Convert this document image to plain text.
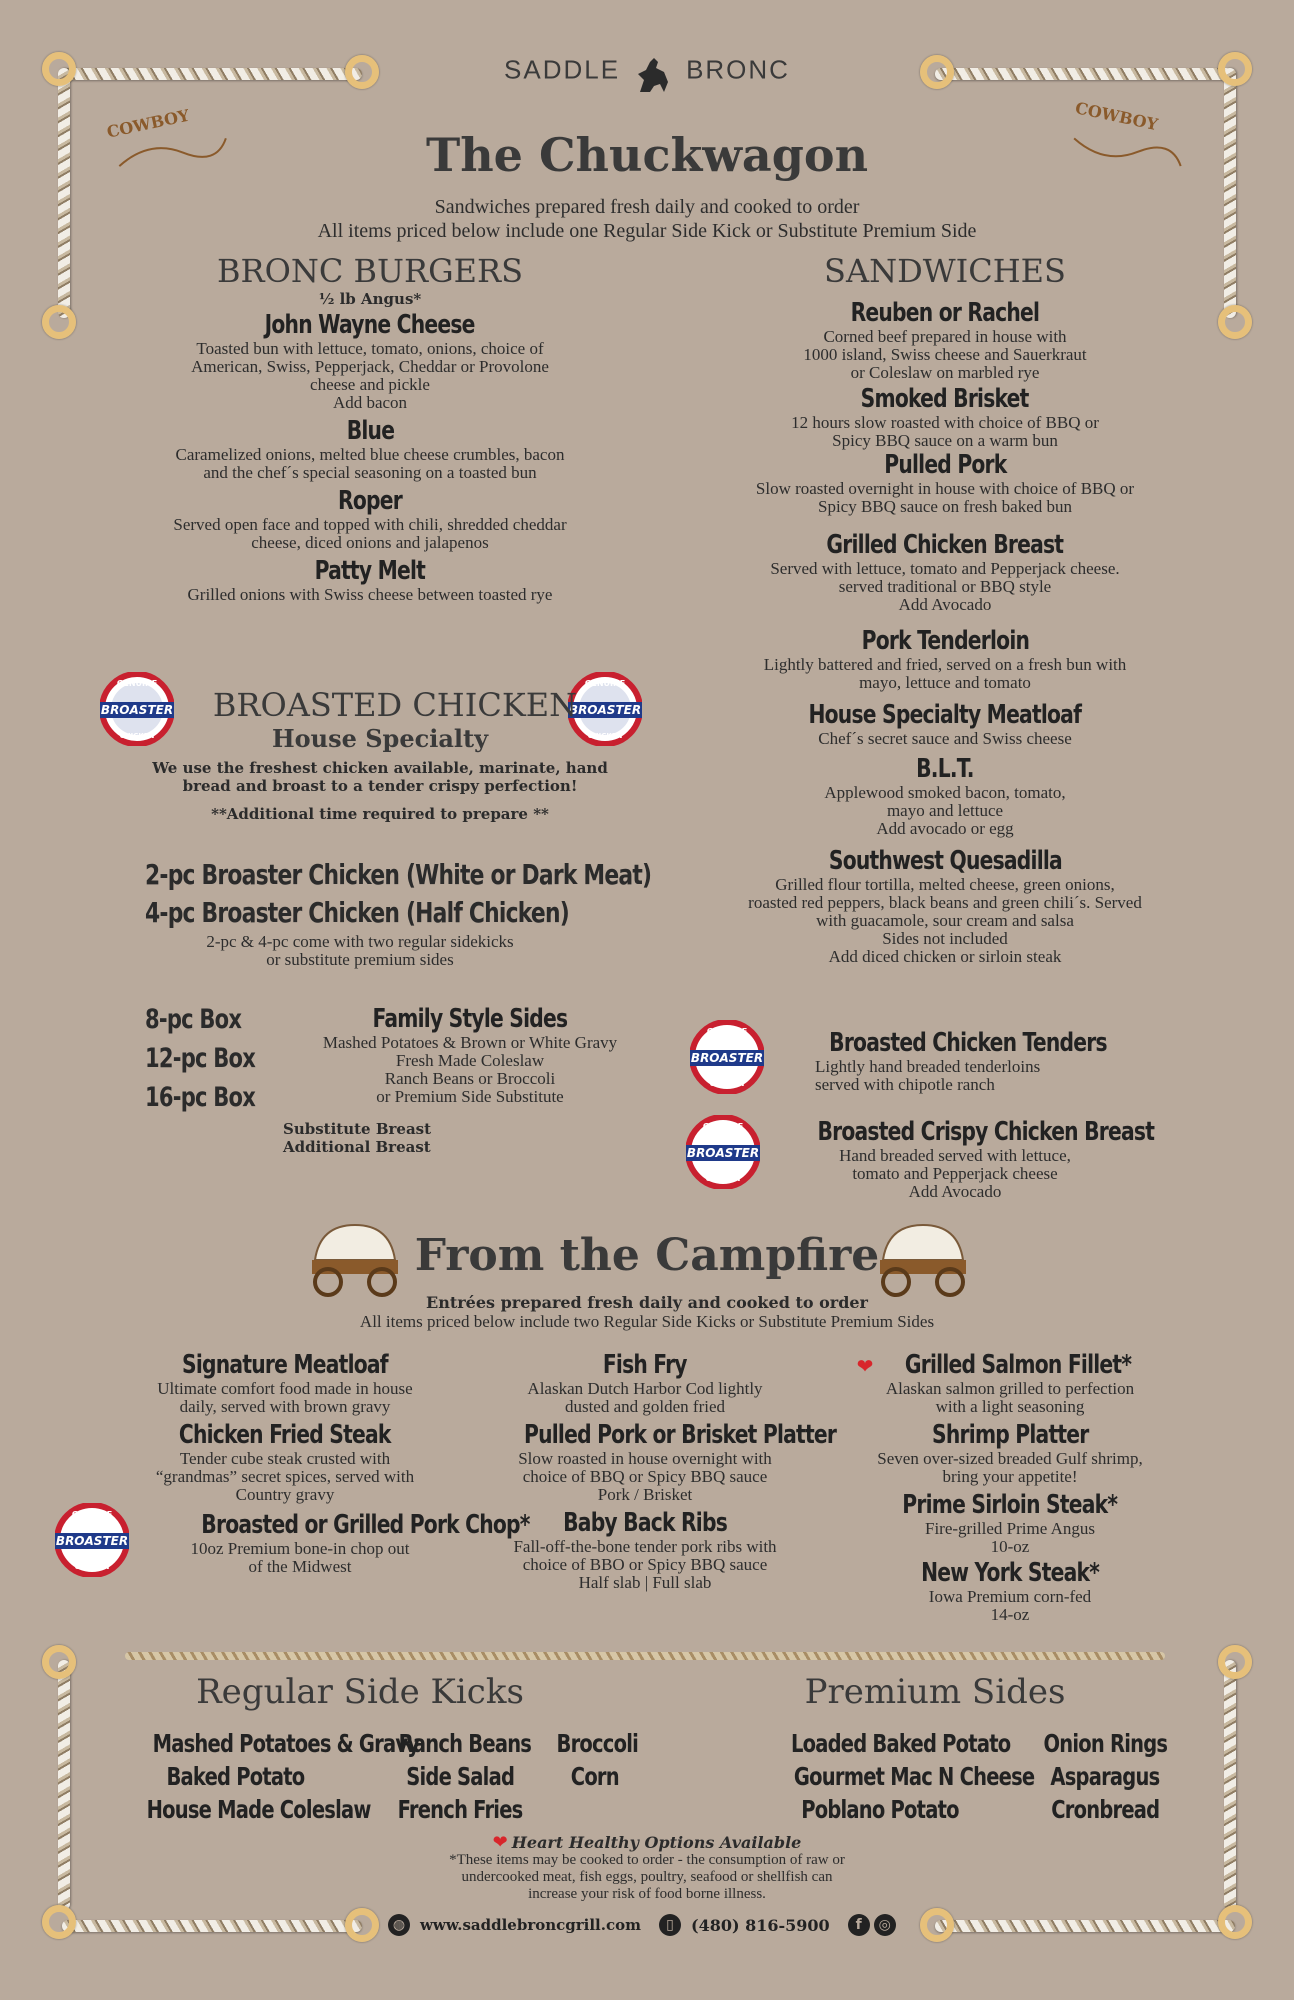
COWBOY	COWBOY
SADDLE	BRONC
The Chuckwagon
Sandwiches prepared fresh daily and cooked to order
All items priced below include one Regular Side Kick or Substitute Premium Side
BRONC BURGERS
½ lb Angus*
John Wayne Cheese
Toasted bun with lettuce, tomato, onions, choice of
American, Swiss, Pepperjack, Cheddar or Provolone
cheese and pickle
Add bacon
Blue
Caramelized onions, melted blue cheese crumbles, bacon
and the chef´s special seasoning on a toasted bun
Roper
Served open face and topped with chili, shredded cheddar
cheese, diced onions and jalapenos
Patty Melt
Grilled onions with Swiss cheese between toasted rye
GENUINE
BROASTER
CHICKEN
GENUINE
BROASTER
CHICKEN
BROASTED CHICKEN
House Specialty
We use the freshest chicken available, marinate, hand
bread and broast to a tender crispy perfection!
**Additional time required to prepare **
2-pc Broaster Chicken (White or Dark Meat)
4-pc Broaster Chicken (Half Chicken)
2-pc & 4-pc come with two regular sidekicks
or substitute premium sides
8-pc Box
12-pc Box
16-pc Box
Family Style Sides
Mashed Potatoes & Brown or White Gravy
Fresh Made Coleslaw
Ranch Beans or Broccoli
or Premium Side Substitute
Substitute Breast
Additional Breast
SANDWICHES
Reuben or Rachel
Corned beef prepared in house with
1000 island, Swiss cheese and Sauerkraut
or Coleslaw on marbled rye
Smoked Brisket
12 hours slow roasted with choice of BBQ or
Spicy BBQ sauce on a warm bun
Pulled Pork
Slow roasted overnight in house with choice of BBQ or
Spicy BBQ sauce on fresh baked bun
Grilled Chicken Breast
Served with lettuce, tomato and Pepperjack cheese.
served traditional or BBQ style
Add Avocado
Pork Tenderloin
Lightly battered and fried, served on a fresh bun with
mayo, lettuce and tomato
House Specialty Meatloaf
Chef´s secret sauce and Swiss cheese
B.L.T.
Applewood smoked bacon, tomato,
mayo and lettuce
Add avocado or egg
Southwest Quesadilla
Grilled flour tortilla, melted cheese, green onions,
roasted red peppers, black beans and green chili´s. Served
with guacamole, sour cream and salsa
Sides not included
Add diced chicken or sirloin steak
GENUINE
BROASTER
CHICKEN
Broasted Chicken Tenders
Lightly hand breaded tenderloins
served with chipotle ranch
GENUINE
BROASTER
CHICKEN
Broasted Crispy Chicken Breast
Hand breaded served with lettuce,
tomato and Pepperjack cheese
Add Avocado
From the Campfire
Entrées prepared fresh daily and cooked to order
All items priced below include two Regular Side Kicks or Substitute Premium Sides
Signature Meatloaf
Ultimate comfort food made in house
daily, served with brown gravy
Chicken Fried Steak
Tender cube steak crusted with
“grandmas” secret spices, served with
Country gravy
Broasted or Grilled Pork Chop*
10oz Premium bone-in chop out
of the Midwest
GENUINE
BROASTER
CHICKEN
Fish Fry
Alaskan Dutch Harbor Cod lightly
dusted and golden fried
Pulled Pork or Brisket Platter
Slow roasted in house overnight with
choice of BBQ or Spicy BBQ sauce
Pork / Brisket
Baby Back Ribs
Fall-off-the-bone tender pork ribs with
choice of BBO or Spicy BBQ sauce
Half slab | Full slab
❤ Grilled Salmon Fillet*
Alaskan salmon grilled to perfection
with a light seasoning
Shrimp Platter
Seven over-sized breaded Gulf shrimp,
bring your appetite!
Prime Sirloin Steak*
Fire-grilled Prime Angus
10-oz
New York Steak*
Iowa Premium corn-fed
14-oz
Regular Side Kicks
Mashed Potatoes & Gravy
Baked Potato
House Made Coleslaw
Ranch Beans
Side Salad
French Fries
Broccoli
Corn
Premium Sides
Loaded Baked Potato
Gourmet Mac N Cheese
Poblano Potato
Onion Rings
Asparagus
Cronbread
❤ Heart Healthy Options Available
*These items may be cooked to order - the consumption of raw or
undercooked meat, fish eggs, poultry, seafood or shellfish can
increase your risk of food borne illness.
◍ www.saddlebroncgrill.com ▯ (480) 816-5900 f ◎
